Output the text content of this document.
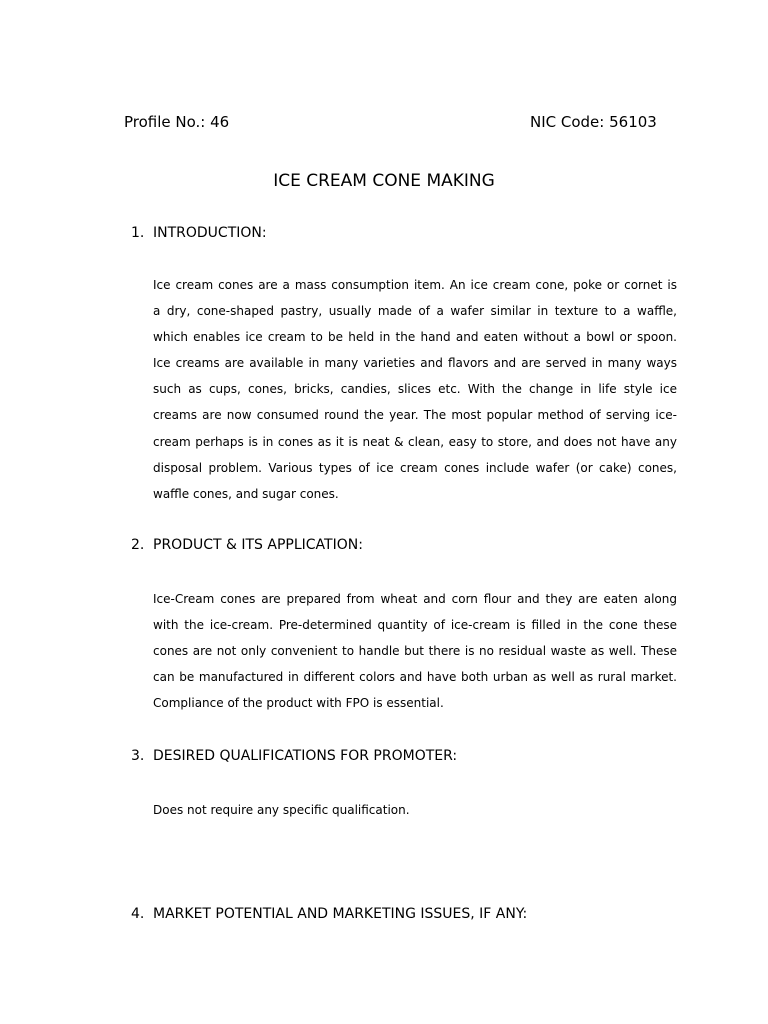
Profile No.: 46	NIC Code: 56103
ICE CREAM CONE MAKING
1. INTRODUCTION:
Ice cream cones are a mass consumption item. An ice cream cone, poke or cornet is
a dry, cone-shaped pastry, usually made of a wafer similar in texture to a waffle,
which enables ice cream to be held in the hand and eaten without a bowl or spoon.
Ice creams are available in many varieties and flavors and are served in many ways
such as cups, cones, bricks, candies, slices etc. With the change in life style ice
creams are now consumed round the year. The most popular method of serving ice-
cream perhaps is in cones as it is neat & clean, easy to store, and does not have any
disposal problem. Various types of ice cream cones include wafer (or cake) cones,
waffle cones, and sugar cones.
2. PRODUCT & ITS APPLICATION:
Ice-Cream cones are prepared from wheat and corn flour and they are eaten along
with the ice-cream. Pre-determined quantity of ice-cream is filled in the cone these
cones are not only convenient to handle but there is no residual waste as well. These
can be manufactured in different colors and have both urban as well as rural market.
Compliance of the product with FPO is essential.
3. DESIRED QUALIFICATIONS FOR PROMOTER:
Does not require any specific qualification.
4. MARKET POTENTIAL AND MARKETING ISSUES, IF ANY:
